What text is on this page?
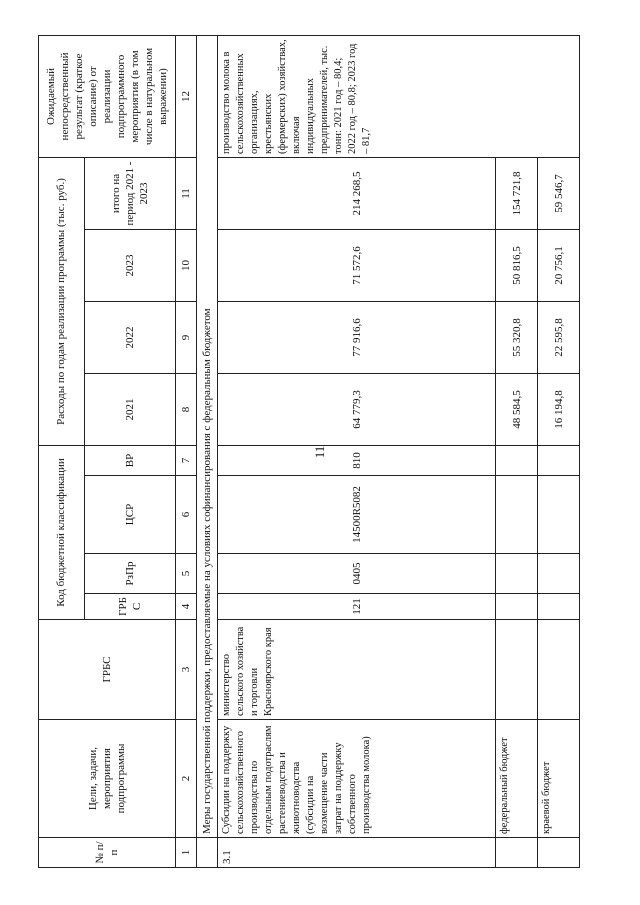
11
№ п/п	Цели, задачи, мероприятия подпрограммы	ГРБС	Код бюджетной классификации				Расходы по годам реализации программы (тыс. руб.)				Ожидаемый непосредственный результат (краткое описание) от реализации подпрограммного мероприятия (в том числе в натуральном выражении)
			ГРБ С	РзПр	ЦСР	ВР	2021	2022	2023	итого на период 2021 - 2023	
1	2	3	4	5	6	7	8	9	10	11	12
	Меры государственной поддержки, предоставляемые на условиях софинансирования с федеральным бюджетом										
3.1	Субсидии на поддержку сельскохозяйственного производства по отдельным подотраслям растениеводства и животноводства (субсидии на возмещение части затрат на поддержку собственного производства молока)	министерство сельского хозяйства и торговли Красноярского края	121	0405	14500R5082	810	64 779,3	77 916,6	71 572,6	214 268,5	производство молока в сельскохозяйственных организациях, крестьянских (фермерских) хозяйствах, включая индивидуальных предпринимателей, тыс. тонн: 2021 год – 80,4; 2022 год – 80,8; 2023 год – 81,7
	федеральный бюджет						48 584,5	55 320,8	50 816,5	154 721,8	
	краевой бюджет						16 194,8	22 595,8	20 756,1	59 546,7	
